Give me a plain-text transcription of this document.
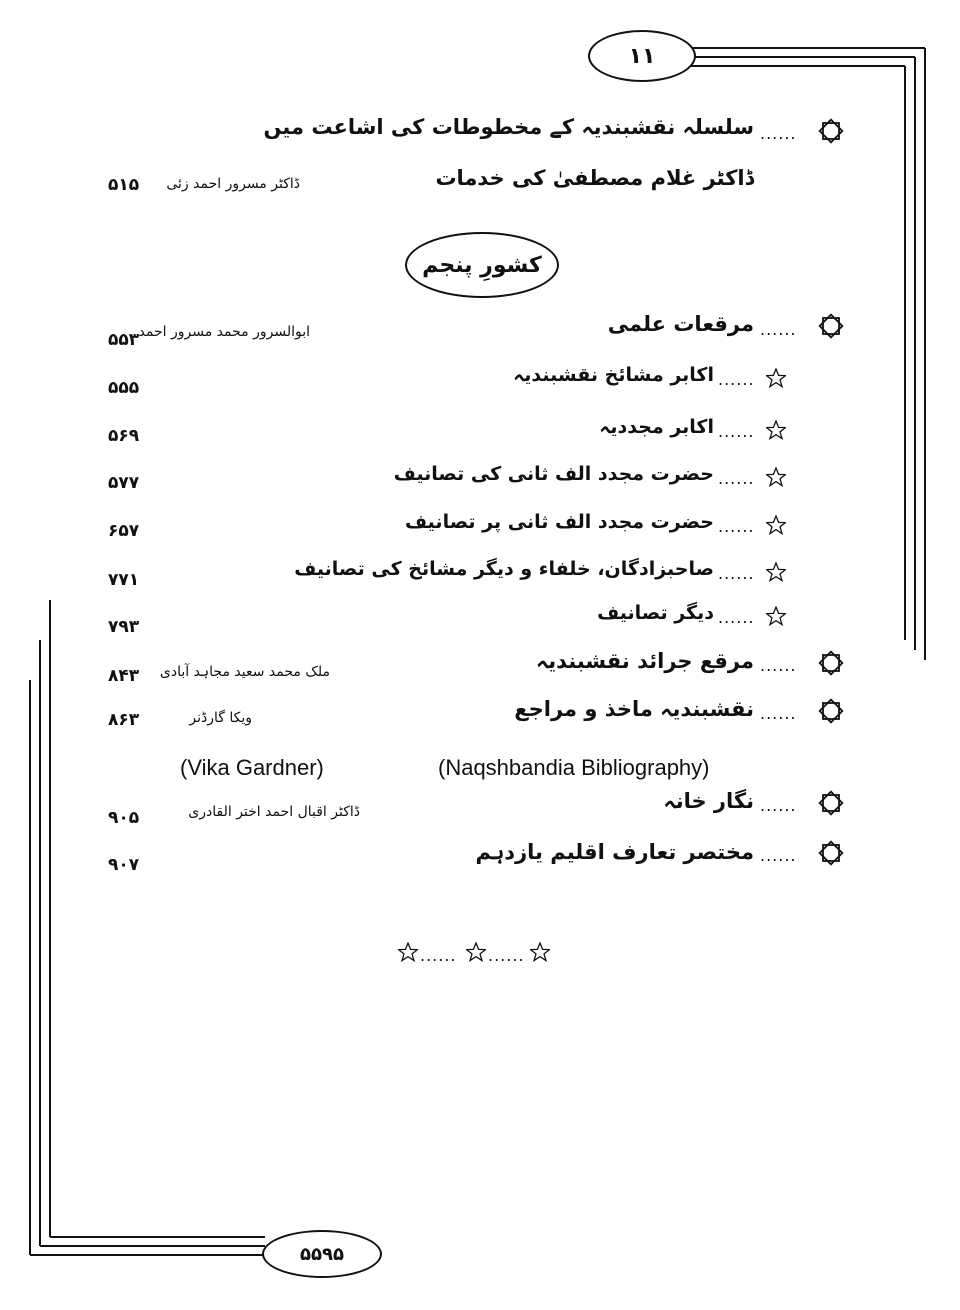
۱۱
......
سلسلہ نقشبندیہ کے مخطوطات کی اشاعت میں
ڈاکٹر غلام مصطفیٰ کی خدمات
ڈاکٹر مسرور احمد زئی
۵۱۵
کشورِ پنجم
......
مرقعات علمی
ابوالسرور محمد مسرور احمد
۵۵۳
......
اکابر مشائخ نقشبندیہ
۵۵۵
......
اکابر مجددیہ
۵۶۹
......
حضرت مجدد الف ثانی کی تصانیف
۵۷۷
......
حضرت مجدد الف ثانی پر تصانیف
۶۵۷
......
صاحبزادگان، خلفاء و دیگر مشائخ کی تصانیف
۷۷۱
......
دیگر تصانیف
۷۹۳
......
مرقع جرائد نقشبندیہ
ملک محمد سعید مجاہد آبادی
۸۴۳
......
نقشبندیہ ماخذ و مراجع
ویکا گارڈنر
۸۶۳
(Vika Gardner)	(Naqshbandia Bibliography)
......
نگار خانہ
ڈاکٹر اقبال احمد اختر القادری
۹۰۵
......
مختصر تعارف اقلیم یازدہم
۹۰۷
...... ......
۵۵۹۵
